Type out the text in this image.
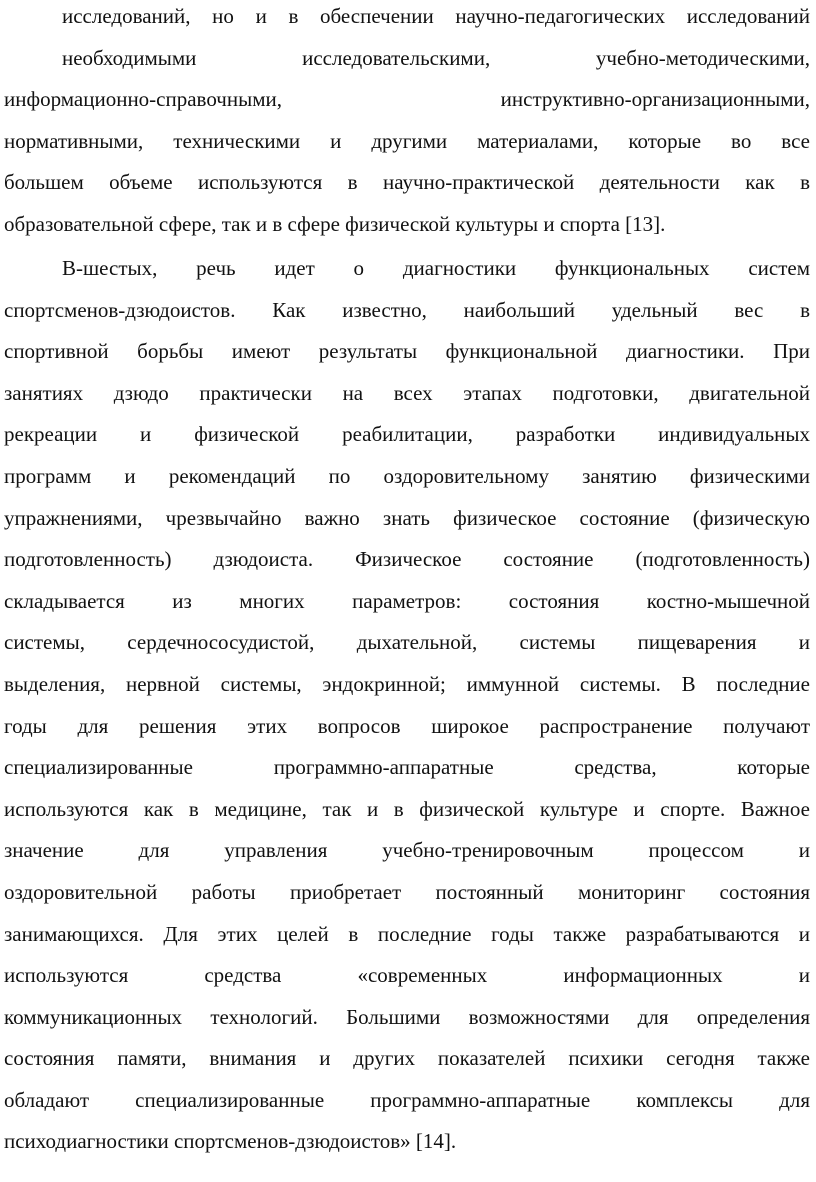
исследований, но и в обеспечении научно-педагогических исследований
необходимыми исследовательскими, учебно-методическими,
информационно-справочными, инструктивно-организационными,
нормативными, техническими и другими материалами, которые во все
большем объеме используются в научно-практической деятельности как в
образовательной сфере, так и в сфере физической культуры и спорта [13].
В-шестых, речь идет о диагностики функциональных систем
спортсменов-дзюдоистов. Как известно, наибольший удельный вес в
спортивной борьбы имеют результаты функциональной диагностики. При
занятиях дзюдо практически на всех этапах подготовки, двигательной
рекреации и физической реабилитации, разработки индивидуальных
программ и рекомендаций по оздоровительному занятию физическими
упражнениями, чрезвычайно важно знать физическое состояние (физическую
подготовленность) дзюдоиста. Физическое состояние (подготовленность)
складывается из многих параметров: состояния костно-мышечной
системы, сердечнососудистой, дыхательной, системы пищеварения и
выделения, нервной системы, эндокринной; иммунной системы. В последние
годы для решения этих вопросов широкое распространение получают
специализированные программно-аппаратные средства, которые
используются как в медицине, так и в физической культуре и спорте. Важное
значение для управления учебно-тренировочным процессом и
оздоровительной работы приобретает постоянный мониторинг состояния
занимающихся. Для этих целей в последние годы также разрабатываются и
используются средства «современных информационных и
коммуникационных технологий. Большими возможностями для определения
состояния памяти, внимания и других показателей психики сегодня также
обладают специализированные программно-аппаратные комплексы для
психодиагностики спортсменов-дзюдоистов» [14].
